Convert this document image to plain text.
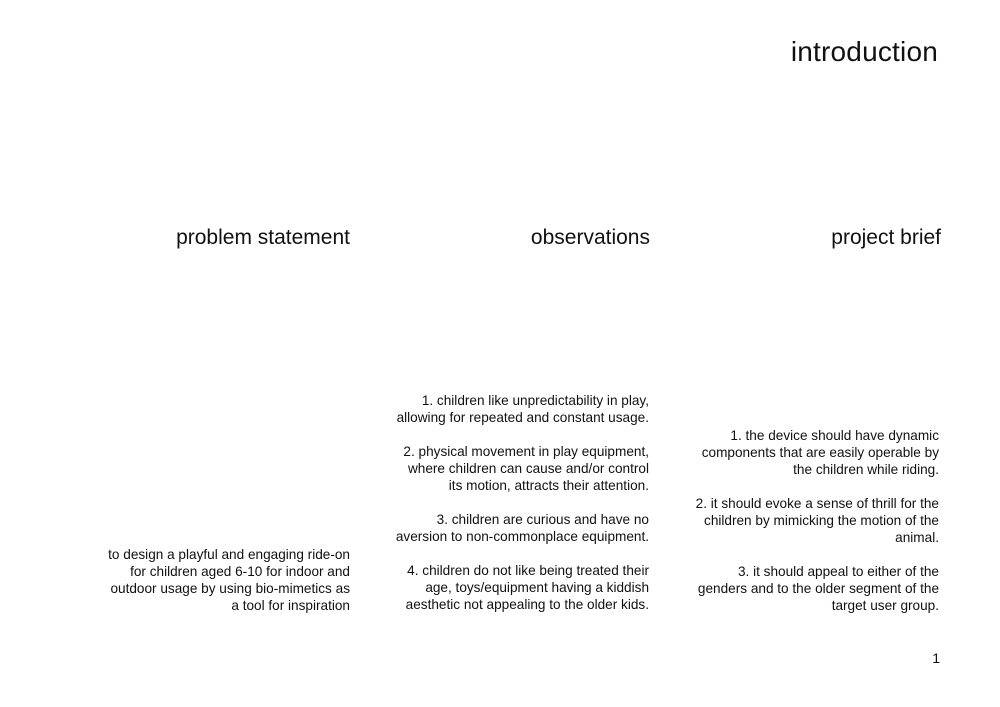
introduction
problem statement	observations	project brief

to design a playful and engaging ride-on
for children aged 6-10 for indoor and
outdoor usage by using bio-mimetics as
a tool for inspiration

1. children like unpredictability in play,
allowing for repeated and constant usage.

2. physical movement in play equipment,
where children can cause and/or control
its motion, attracts their attention.

3. children are curious and have no
aversion to non-commonplace equipment.

4. children do not like being treated their
age, toys/equipment having a kiddish
aesthetic not appealing to the older kids.

1. the device should have dynamic
components that are easily operable by
the children while riding.

2. it should evoke a sense of thrill for the
children by mimicking the motion of the
animal.

3. it should appeal to either of the
genders and to the older segment of the
target user group.

1
